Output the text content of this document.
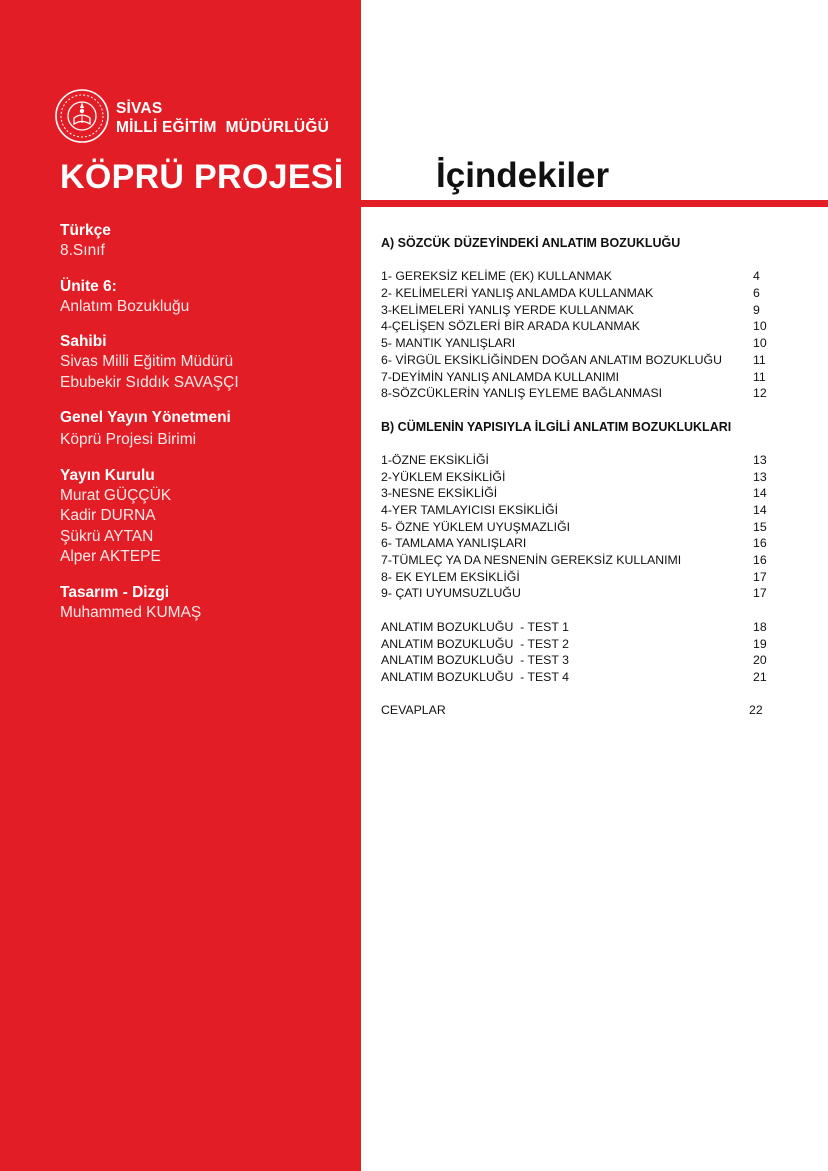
SİVAS
MİLLİ EĞİTİM  MÜDÜRLÜĞÜ
KÖPRÜ PROJESİ
Türkçe
8.Sınıf
Ünite 6:
Anlatım Bozukluğu
Sahibi
Sivas Milli Eğitim Müdürü
Ebubekir Sıddık SAVAŞÇI
Genel Yayın Yönetmeni
Köprü Projesi Birimi
Yayın Kurulu
Murat GÜÇÇÜK
Kadir DURNA
Şükrü AYTAN
Alper AKTEPE
Tasarım - Dizgi
Muhammed KUMAŞ
İçindekiler
A) SÖZCÜK DÜZEYİNDEKİ ANLATIM BOZUKLUĞU
1- GEREKSİZ KELİME (EK) KULLANMAK	4
2- KELİMELERİ YANLIŞ ANLAMDA KULLANMAK	6
3-KELİMELERİ YANLIŞ YERDE KULLANMAK	9
4-ÇELİŞEN SÖZLERİ BİR ARADA KULANMAK	10
5- MANTIK YANLIŞLARI	10
6- VİRGÜL EKSİKLİĞİNDEN DOĞAN ANLATIM BOZUKLUĞU	11
7-DEYİMİN YANLIŞ ANLAMDA KULLANIMI	11
8-SÖZCÜKLERİN YANLIŞ EYLEME BAĞLANMASI	12
B) CÜMLENİN YAPISIYLA İLGİLİ ANLATIM BOZUKLUKLARI
1-ÖZNE EKSİKLİĞİ	13
2-YÜKLEM EKSİKLİĞİ	13
3-NESNE EKSİKLİĞİ	14
4-YER TAMLAYICISI EKSİKLİĞİ	14
5- ÖZNE YÜKLEM UYUŞMAZLIĞI	15
6- TAMLAMA YANLIŞLARI	16
7-TÜMLEÇ YA DA NESNENİN GEREKSİZ KULLANIMI	16
8- EK EYLEM EKSİKLİĞİ	17
9- ÇATI UYUMSUZLUĞU	17
ANLATIM BOZUKLUĞU  - TEST 1	18
ANLATIM BOZUKLUĞU  - TEST 2	19
ANLATIM BOZUKLUĞU  - TEST 3	20
ANLATIM BOZUKLUĞU  - TEST 4	21
CEVAPLAR	22
